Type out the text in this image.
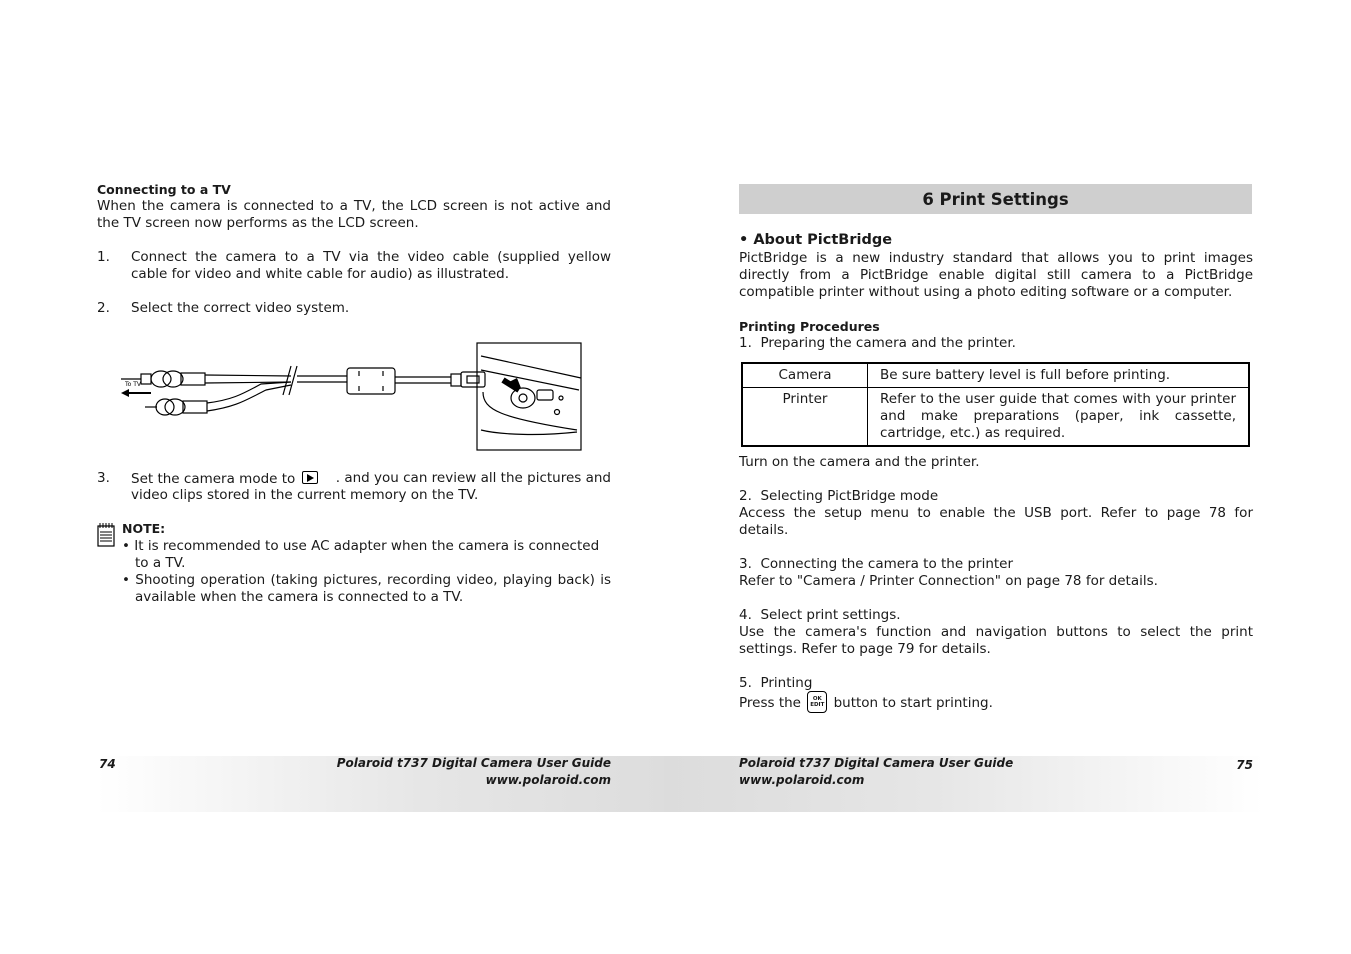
Connecting to a TV
When the camera is connected to a TV, the LCD screen is not active and
the TV screen now performs as the LCD screen.
1. Connect the camera to a TV via the video cable (supplied yellow
cable for video and white cable for audio) as illustrated.
2. Select the correct video system.
To TV
3. Set the camera mode to	. and you can review all the pictures and
video clips stored in the current memory on the TV.
NOTE:
• It is recommended to use AC adapter when the camera is connected
to a TV.
• Shooting operation (taking pictures, recording video, playing back) is
available when the camera is connected to a TV.
74	Polaroid t737 Digital Camera User Guide
www.polaroid.com
6 Print Settings
• About PictBridge
PictBridge is a new industry standard that allows you to print images
directly from a PictBridge enable digital still camera to a PictBridge
compatible printer without using a photo editing software or a computer.
Printing Procedures
1.  Preparing the camera and the printer.
Camera	Be sure battery level is full before printing.
Printer	Refer to the user guide that comes with your printer and make preparations (paper, ink cassette, cartridge, etc.) as required.
Turn on the camera and the printer.
2.  Selecting PictBridge mode
Access the setup menu to enable the USB port. Refer to page 78 for
details.
3.  Connecting the camera to the printer
Refer to "Camera / Printer Connection" on page 78 for details.
4.  Select print settings.
Use the camera's function and navigation buttons to select the print
settings. Refer to page 79 for details.
5.  Printing
Press the OK
EDIT button to start printing.
Polaroid t737 Digital Camera User Guide
www.polaroid.com
75
